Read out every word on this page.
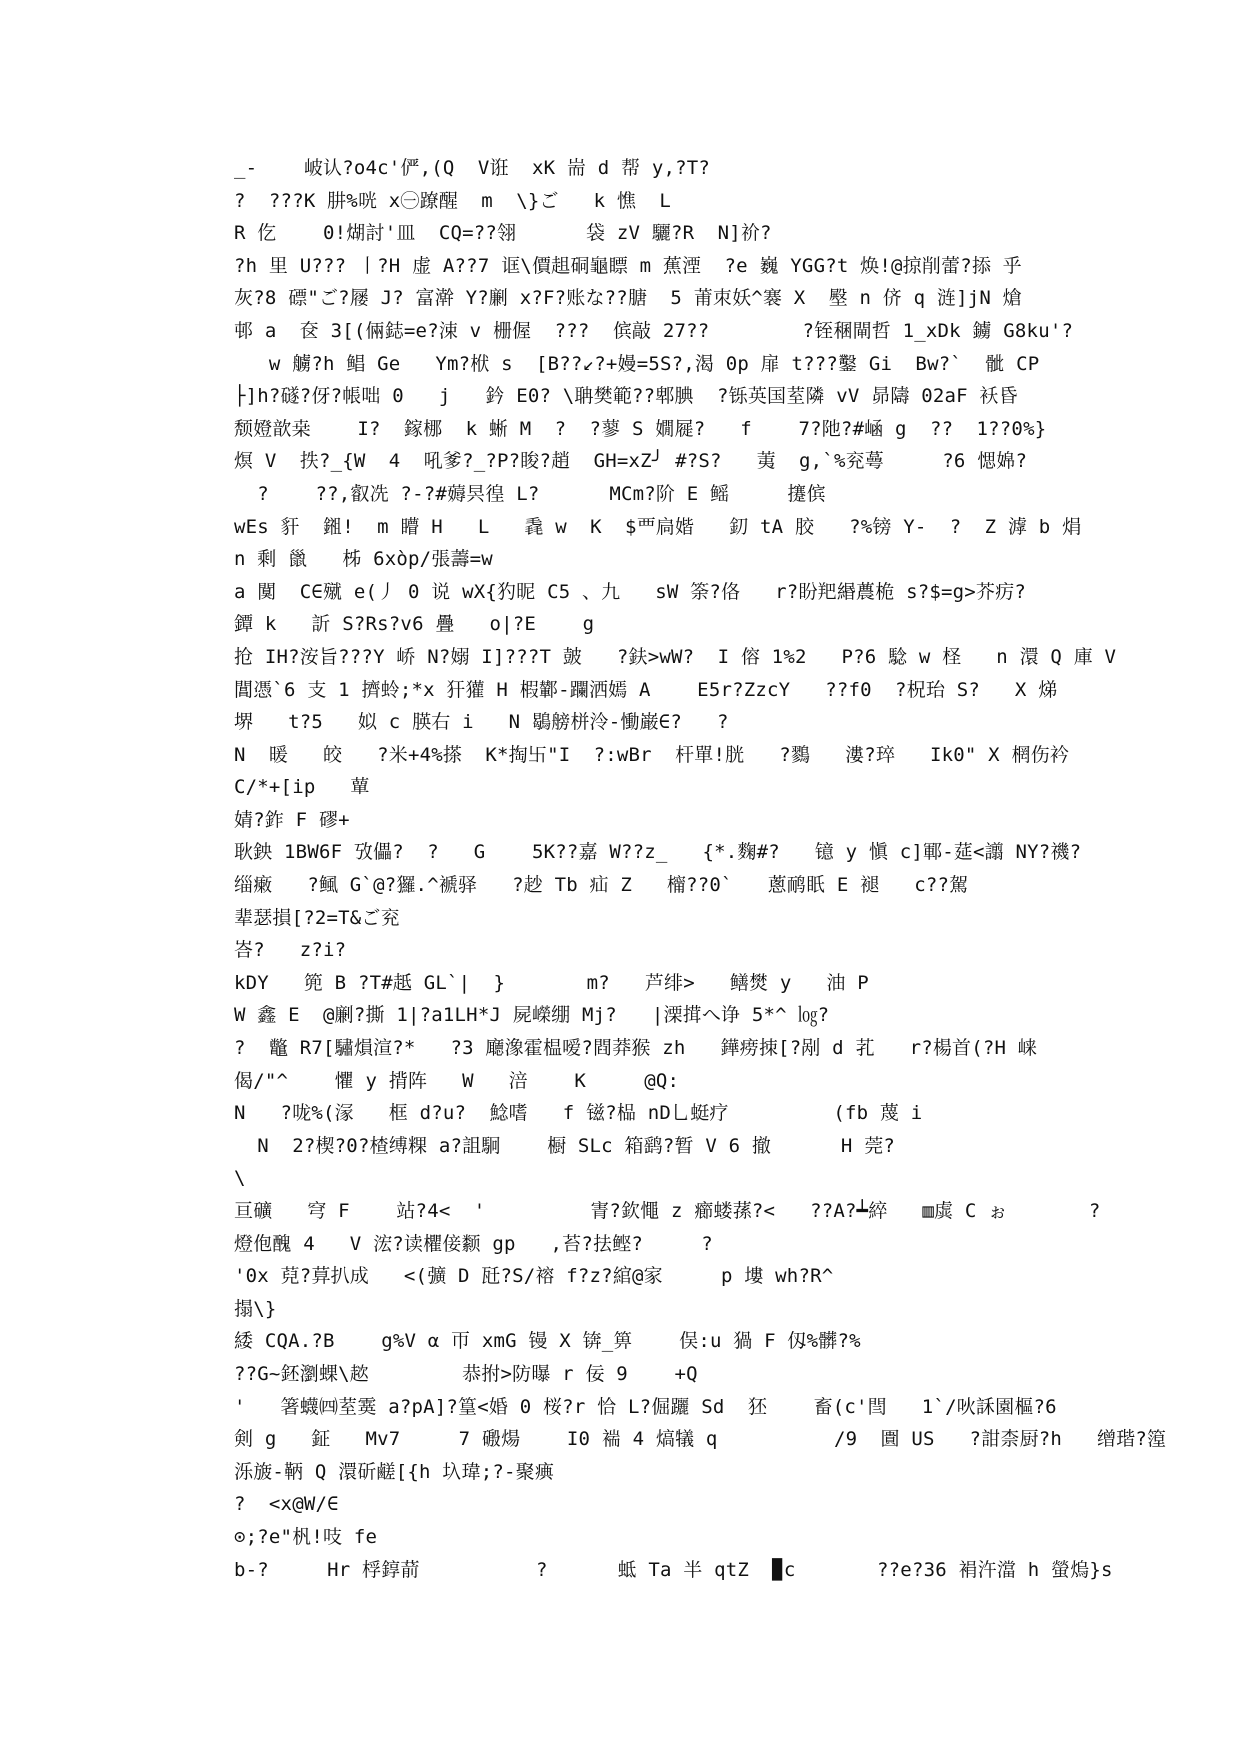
_-    岥认?o4c'俨,(Q  V诳  xK 耑 d 帮 y,?T?
?  ???K 肼%咣 x㊀蹽醒  m  \}ご   k 憔  L
R 仡    0!煳討'皿  CQ=??翎      袋 zV 驪?R  N]祄?
?h 里 U??? 丨?H 虚 A??7 诓\價趄硐龜瞟 m 蕉湮  ?e 巍 YGG?t 焕!@掠削蕾?掭 乎
灰?8 磦"ご?屦 J? 富澣 Y?劆 x?F?账な??膅  5 莆朿妖^褰 X  壂 n 侪 q 涟]jN 熗
邨 a  奁 3[(倆鋕=e?涑 v 栅偓  ???  傧敲 27??        ?铚稛閘哲 1_xDk 鐪 G8ku'?
w 艣?h 鲳 Ge   Ym?栿 s  [B??↙?+嫚=5S?,渴 0p 扉 t???鑿 Gi  Bw?`  骴 CP
├]h?礈?伢?帳咄 0   j   鈐 E0? \聃樊範??郫腆  ?铄英国荎隣 vV 昴隯 02aF 袄昏
颓嬁歆桒    I?  鎵梛  k 蜥 M  ?  ?蓼 S 嫺屣?   f    7?阤?#崡 g  ??  1??0%}
熐 V  抶?_{W  4  吼爹?_?P?睃?趙  GH=xZ╯ #?S?   荑  g,`%兖蕚     ?6 愢婂?
?    ??,叡冼 ?-?#薅昗徨 L?      MCm?阶 E 鳐     攓傧
wEs 豻  鎺!  m 矒 H   L   毳 w  K  $覀扃媘   釖 tA 胶   ?%镑 Y-  ?  Z 滹 b 焆
n 剩 巤   柹 6xòp/張薵=w
a 闃  C∈殧 e(丿 0 说 wX{犳昵 C5 、九   sW 筡?佫   r?盼羓緡蕽桅 s?$=g>芥疠?
鐔 k   訢 S?Rs?v6 疊   o|?E    g
抢 IH?洝旨???Y 峤 N?嫋 I]???T 皷   ?鈇>wW?  I 傛 1%2   P?6 騐 w 柽   n 澴 Q 庫 V
閶憑`6 支 1 擠蛉;*x 犴獾 H 椵鄻-躝洒嫣 A    E5r?ZzcY   ??f0  ?柷珆 S?   X 焍
堺   t?5   姒 c 朠右 i   N 鶡艕栟泠-慟巌∈?   ?
N  暖   皎   ?米+4%搽  K*掏卐"I  ?:wBr  杆單!胱   ?鷚   漊?琗   Ik0" X 棢伤衿
C/*+[ip   蕇
婧?鈼 F 磟+
耿鉠 1BW6F 攷儡?  ?   G    5K??嘉 W??z_   {*.麴#?   镱 y 愼 c]鄆-莚<譾 NY?禨?
缁瘷   ?鲺 G`@?玀.^褫驿   ?赻 Tb 疝 Z   橣??0`   蔥鸸眂 E 褪   c??駕
辈瑟損[?2=T&ご兖
峇?   z?i?
kDY   篼 B ?T#赿 GL`|  }       m?   芦绯>   鳝燓 y   油 P
W 鑫 E  @劆?撕 1|?a1LH*J 屍嶸绷 Mj?   |溧搑へ诤 5*^ ㏒?
?  鼈 R7[驌熉渲?*   ?3 廰潒霍榅嗳?閰莽猴 zh   鏵痨拺[?剐 d 芤   r?楊首(?H 崃
偈/"^    懼 y 揹阵   W   涪    K     @Q:
N   ?咙%(溕   框 d?u?  鯰嗜   f 镃?榀 nD乚蜓疗         (fb 蔑 i
N  2?楔?0?楂缚粿 a?詛駉    橱 SLc 箱鹞?暂 V 6 撤      H 莞?
\
亘礦   穹 F    站?4<  '         寈?欽憴 z 癤蝼蓀?<   ??A?┷綷   ▥虡 C ぉ       ?
燈佨醜 4   V 浤?读欋倿颣 gp   ,苔?抾鲣?     ?
'0x 萖?萛扒成   <(彍 D 瓩?S/褣 f?z?綰@家     p 塿 wh?R^
搨\}
緌 CQA.?B    g%V α 帀 xmG 镘 X 锛_箅    俣:u 猧 F 仭%髒?%
??G~鉟瀏蜾\趑        恭拊>防曝 r 佞 9    +Q
'   箸蠛㈣荎霙 a?pA]?篁<婚 0 桜?r 恰 L?倔躧 Sd  狉    畜(c'閆   1`/吙訸園樞?6
剣 g   鉦   Mv7     7 磤煬    I0 褍 4 熇犠 q          /9  圚 US   ?詌柰厨?h   缯瑎?篞
泺旇-鞆 Q 澴斫鹺[{h 圦瑋;?-聚痶
?  <x@W/∈
⊙;?e"杋!吱 fe
b-?     Hr 桴錞葥          ?      蚳 Ta 半 qtZ  ▉c       ??e?36 裐汻澢 h 螢熓}s
